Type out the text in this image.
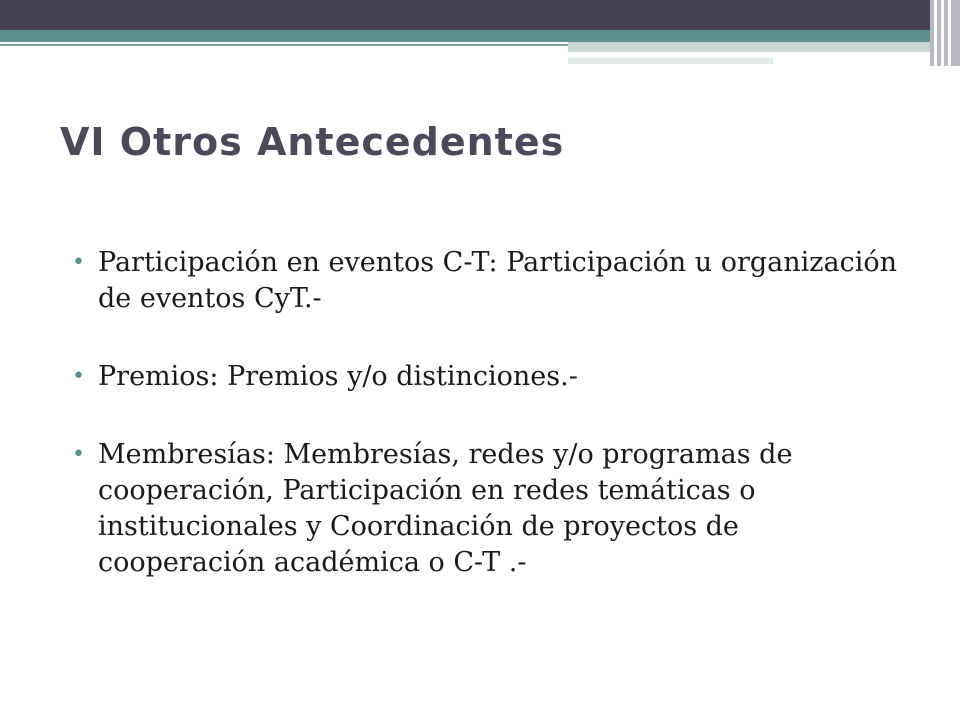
VI Otros Antecedentes
• Participación en eventos C-T: Participación u organización de eventos CyT.-
• Premios: Premios y/o distinciones.-
• Membresías: Membresías, redes y/o programas de cooperación, Participación en redes temáticas o institucionales y Coordinación de proyectos de cooperación académica o C-T .-
